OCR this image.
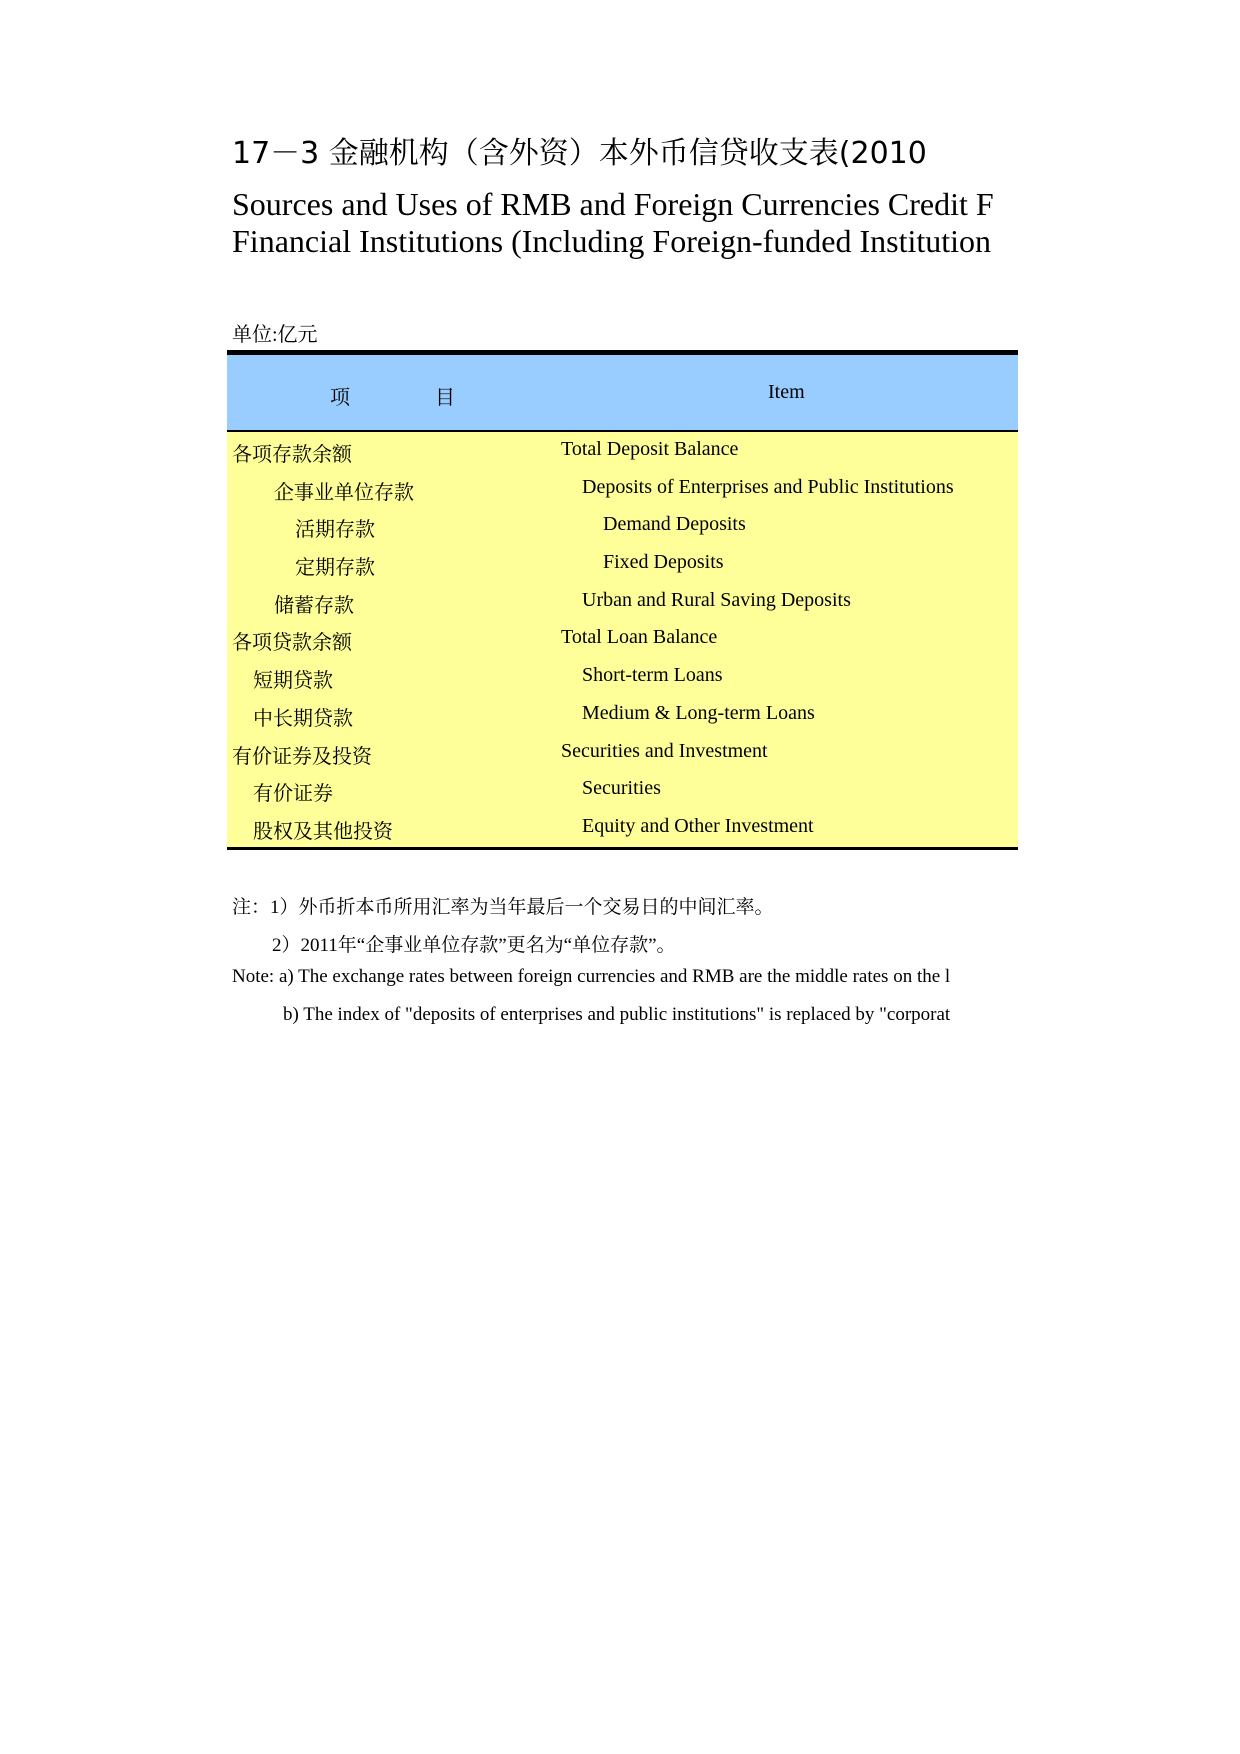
17－3 金融机构（含外资）本外币信贷收支表(2010
Sources and Uses of RMB and Foreign Currencies Credit F
Financial Institutions (Including Foreign-funded Institution
单位:亿元
项	目	Item
各项存款余额	Total Deposit Balance
企事业单位存款	Deposits of Enterprises and Public Institutions
活期存款	Demand Deposits
定期存款	Fixed Deposits
储蓄存款	Urban and Rural Saving Deposits
各项贷款余额	Total Loan Balance
短期贷款	Short-term Loans
中长期贷款	Medium & Long-term Loans
有价证券及投资	Securities and Investment
有价证券	Securities
股权及其他投资	Equity and Other Investment
注：1）外币折本币所用汇率为当年最后一个交易日的中间汇率。
2）2011年“企事业单位存款”更名为“单位存款”。
Note: a) The exchange rates between foreign currencies and RMB are the middle rates on the l
b) The index of "deposits of enterprises and public institutions" is replaced by "corporat
